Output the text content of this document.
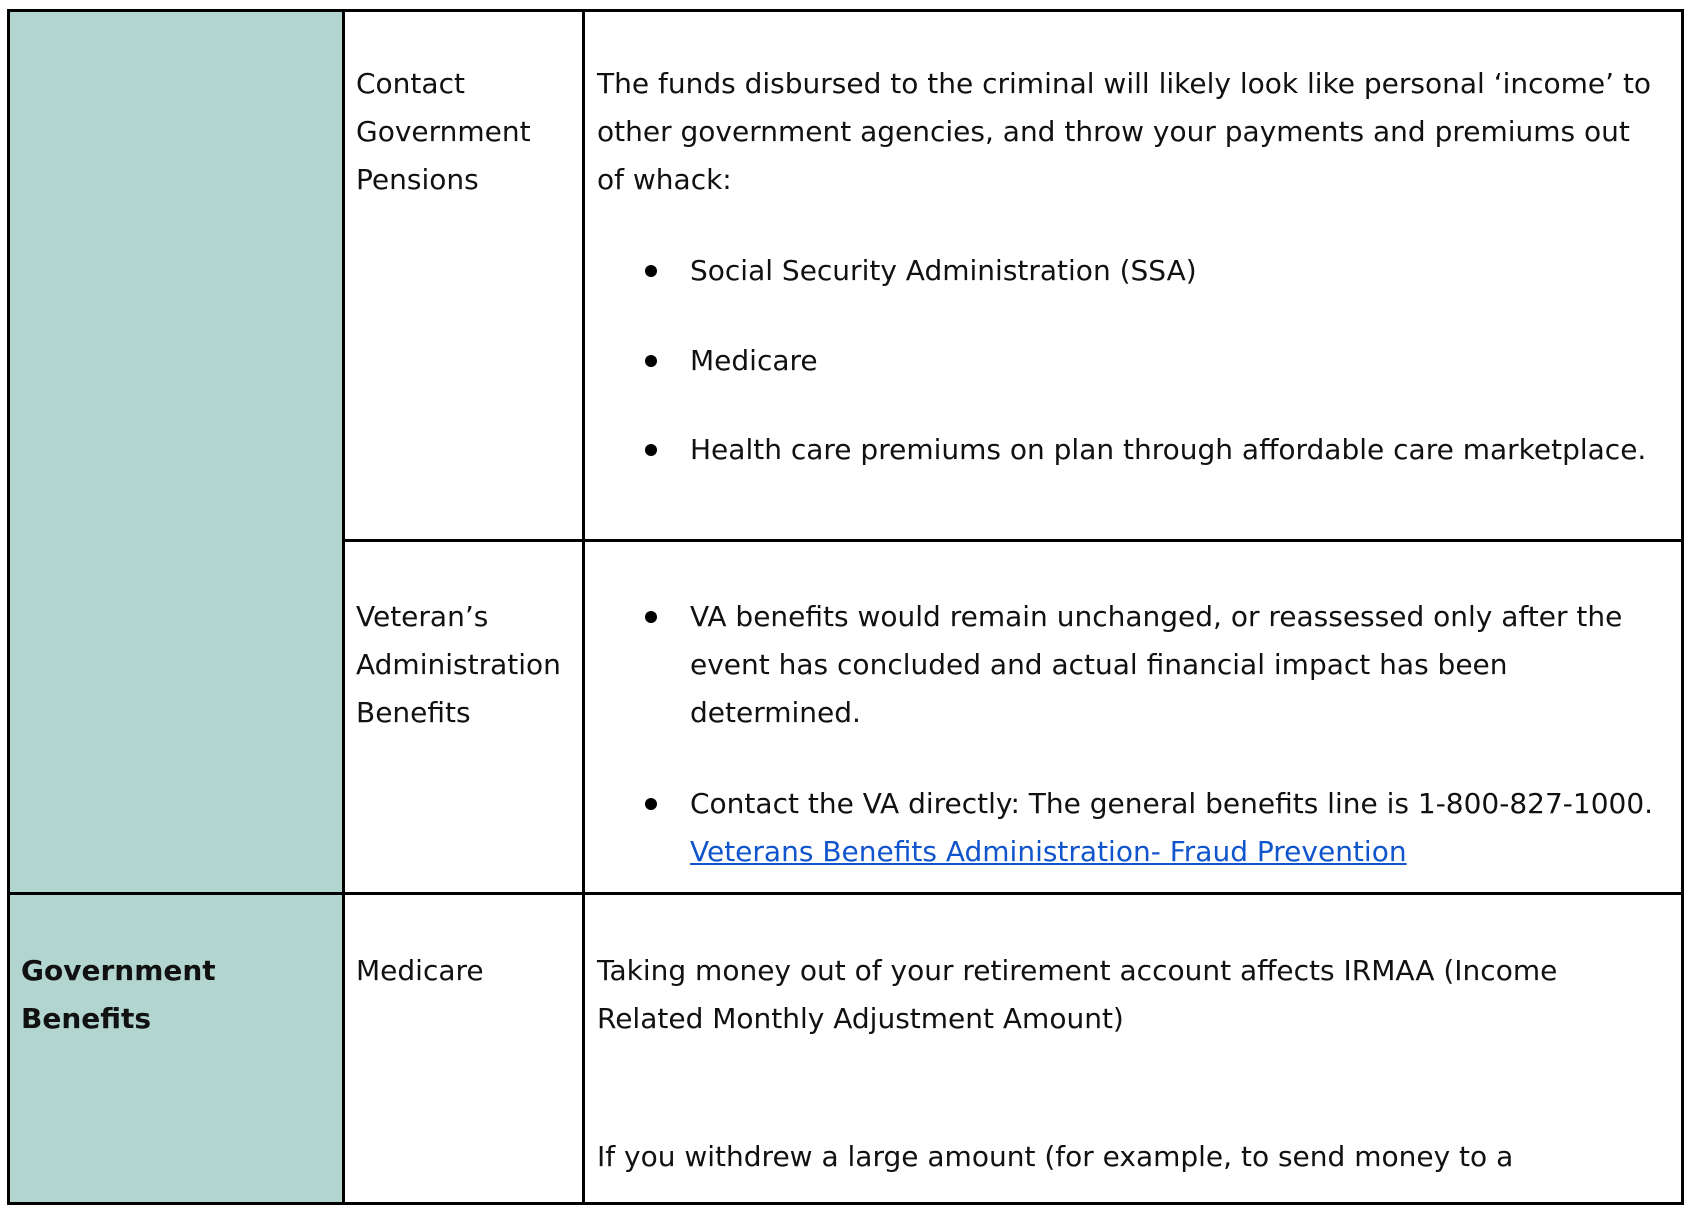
Contact

Government

Pensions

The funds disbursed to the criminal will likely look like personal ‘income’ to

other government agencies, and throw your payments and premiums out

of whack:

Social Security Administration (SSA)

Medicare

Health care premiums on plan through affordable care marketplace.

Veteran’s

Administration

Benefits

VA benefits would remain unchanged, or reassessed only after the

event has concluded and actual financial impact has been

determined.

Contact the VA directly: The general benefits line is 1-800-827-1000.

Veterans Benefits Administration- Fraud Prevention

Government

Benefits

Medicare	Taking money out of your retirement account affects IRMAA (Income

Related Monthly Adjustment Amount)

If you withdrew a large amount (for example, to send money to a
